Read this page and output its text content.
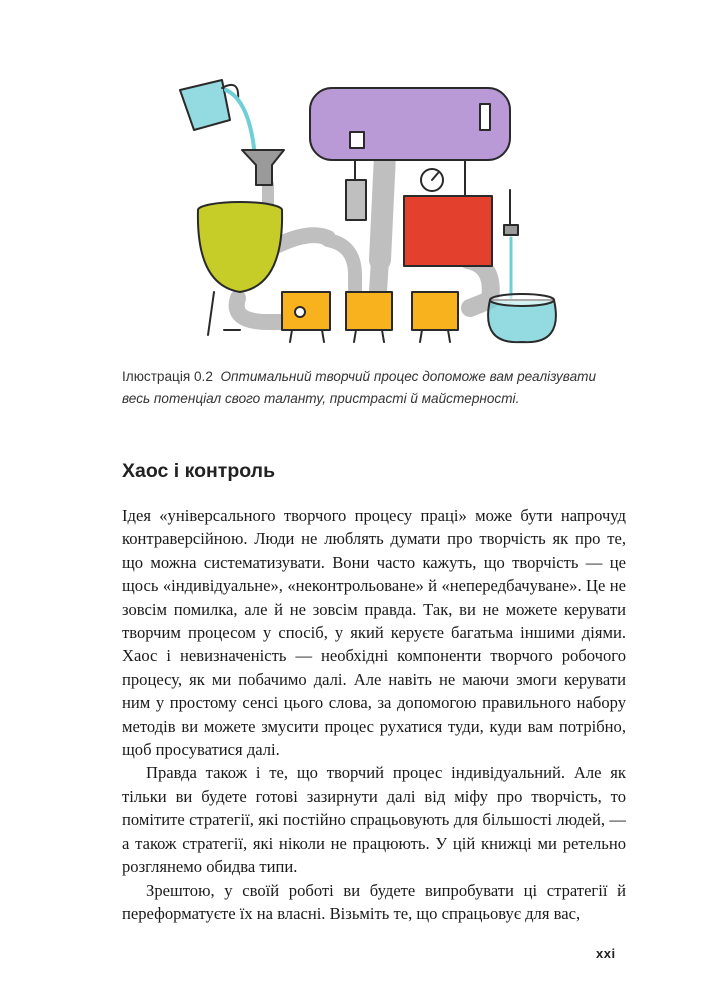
Ілюстрація 0.2 Оптимальний творчий процес допоможе вам реалізувати весь потенціал свого таланту, пристрасті й майстерності.
Хаос і контроль

Ідея «універсального творчого процесу праці» може бути напрочуд контраверсійною. Люди не люблять думати про творчість як про те, що можна систематизувати. Вони часто кажуть, що творчість — це щось «індивідуальне», «неконтрольоване» й «непередбачуване». Це не зовсім помилка, але й не зовсім правда. Так, ви не можете керувати творчим процесом у спосіб, у який керуєте багатьма іншими діями. Хаос і невизначеність — необхідні компоненти творчого робочого процесу, як ми побачимо далі. Але навіть не маючи змоги керувати ним у простому сенсі цього слова, за допомогою правильного набору методів ви можете змусити процес рухатися туди, куди вам потрібно, щоб просуватися далі.

Правда також і те, що творчий процес індивідуальний. Але як тільки ви будете готові зазирнути далі від міфу про творчість, то помітите стратегії, які постійно спрацьовують для більшості людей, — а також стратегії, які ніколи не працюють. У цій книжці ми ретельно розглянемо обидва типи.

Зрештою, у своїй роботі ви будете випробувати ці стратегії й переформатуєте їх на власні. Візьміть те, що спрацьовує для вас,

xxi
